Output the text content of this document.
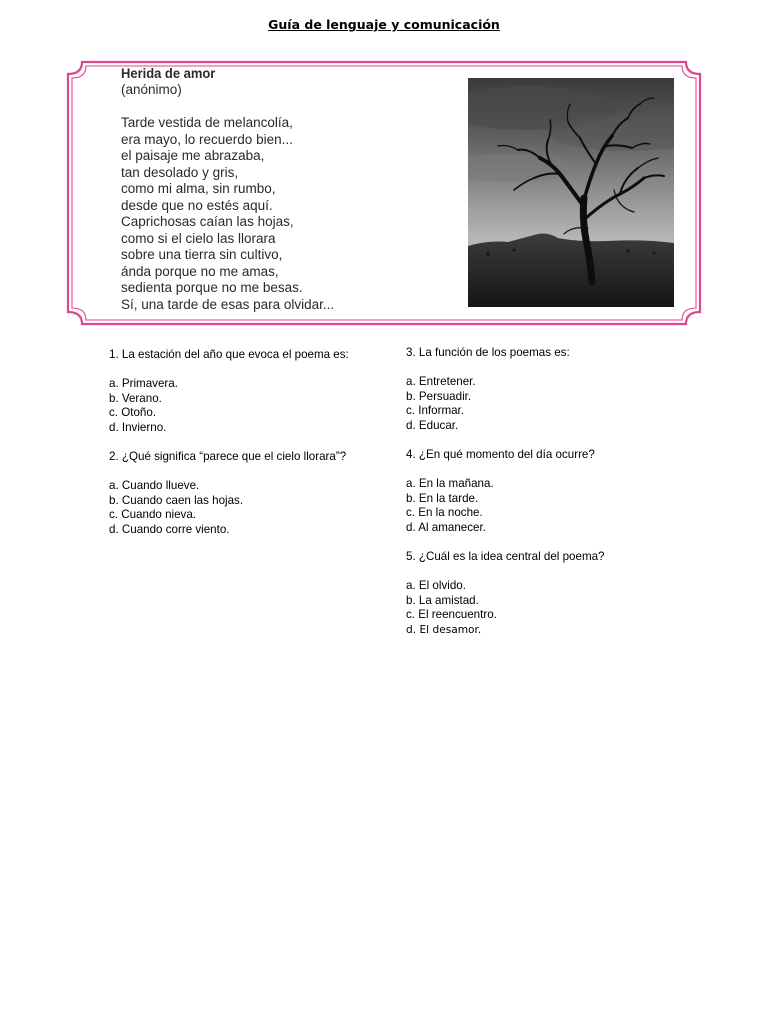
Guía de lenguaje y comunicación
Herida de amor
(anónimo)
Tarde vestida de melancolía,
era mayo, lo recuerdo bien...
el paisaje me abrazaba,
tan desolado y gris,
como mi alma, sin rumbo,
desde que no estés aquí.
Caprichosas caían las hojas,
como si el cielo las llorara
sobre una tierra sin cultivo,
ánda porque no me amas,
sedienta porque no me besas.
Sí, una tarde de esas para olvidar...

1. La estación del año que evoca el poema es:

a. Primavera.

b. Verano.

c. Otoño.

d. Invierno.

2. ¿Qué significa “parece que el cielo llorara”?

a. Cuando llueve.

b. Cuando caen las hojas.

c. Cuando nieva.

d. Cuando corre viento.

3. La función de los poemas es:

a. Entretener.

b. Persuadir.

c. Informar.

d. Educar.

4. ¿En qué momento del día ocurre?

a. En la mañana.

b. En la tarde.

c. En la noche.

d. Al amanecer.

5. ¿Cuál es la idea central del poema?

a. El olvido.

b. La amistad.

c. El reencuentro.

d. El desamor.
